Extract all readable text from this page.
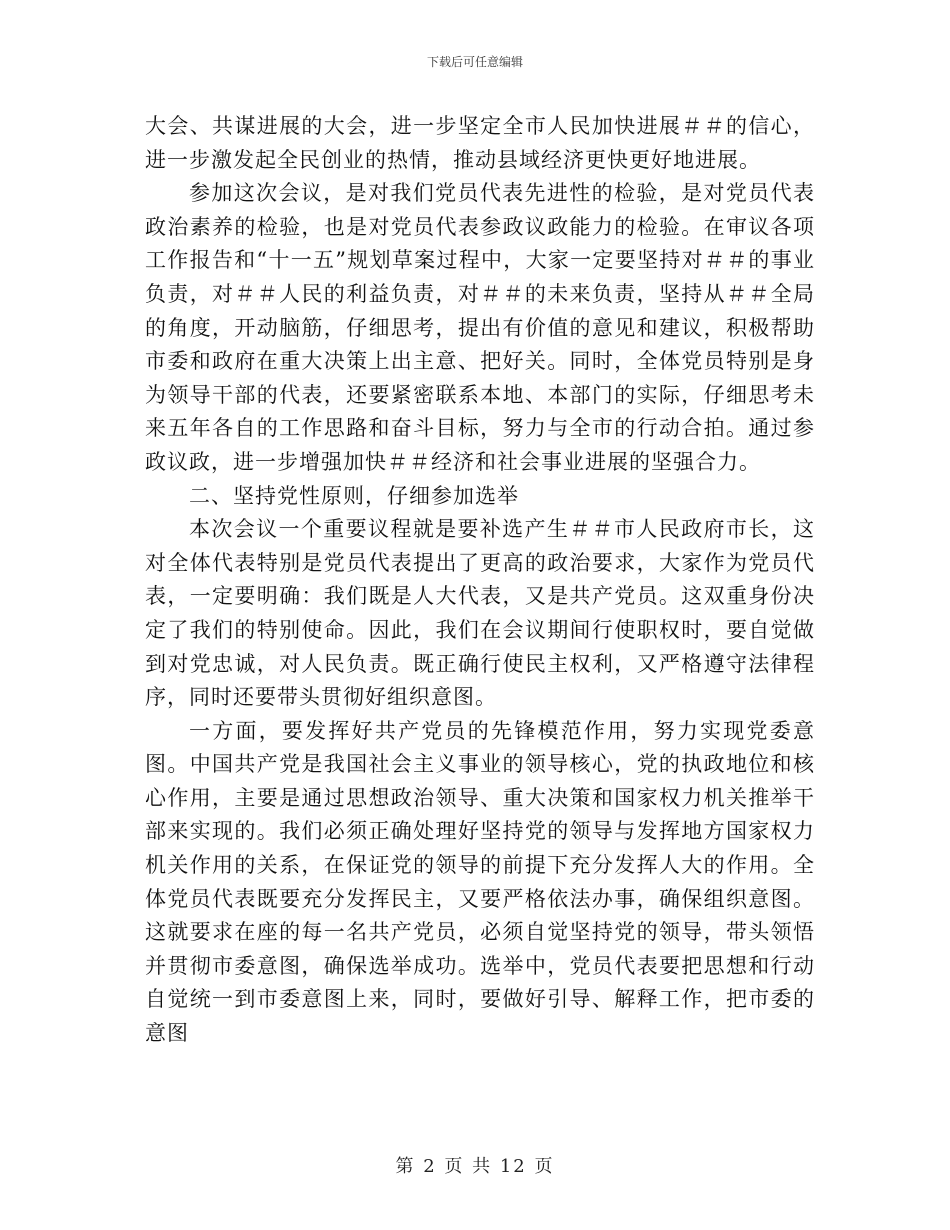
下载后可任意编辑

大会、共谋进展的大会，进一步坚定全市人民加快进展＃＃的信心，进一步激发起全民创业的热情，推动县域经济更快更好地进展。

参加这次会议，是对我们党员代表先进性的检验，是对党员代表政治素养的检验，也是对党员代表参政议政能力的检验。在审议各项工作报告和“十一五”规划草案过程中，大家一定要坚持对＃＃的事业负责，对＃＃人民的利益负责，对＃＃的未来负责，坚持从＃＃全局的角度，开动脑筋，仔细思考，提出有价值的意见和建议，积极帮助市委和政府在重大决策上出主意、把好关。同时，全体党员特别是身为领导干部的代表，还要紧密联系本地、本部门的实际，仔细思考未来五年各自的工作思路和奋斗目标，努力与全市的行动合拍。通过参政议政，进一步增强加快＃＃经济和社会事业进展的坚强合力。

二、坚持党性原则，仔细参加选举

本次会议一个重要议程就是要补选产生＃＃市人民政府市长，这对全体代表特别是党员代表提出了更高的政治要求，大家作为党员代表，一定要明确：我们既是人大代表，又是共产党员。这双重身份决定了我们的特别使命。因此，我们在会议期间行使职权时，要自觉做到对党忠诚，对人民负责。既正确行使民主权利，又严格遵守法律程序，同时还要带头贯彻好组织意图。

一方面，要发挥好共产党员的先锋模范作用，努力实现党委意图。中国共产党是我国社会主义事业的领导核心，党的执政地位和核心作用，主要是通过思想政治领导、重大决策和国家权力机关推举干部来实现的。我们必须正确处理好坚持党的领导与发挥地方国家权力机关作用的关系，在保证党的领导的前提下充分发挥人大的作用。全体党员代表既要充分发挥民主，又要严格依法办事，确保组织意图。这就要求在座的每一名共产党员，必须自觉坚持党的领导，带头领悟并贯彻市委意图，确保选举成功。选举中，党员代表要把思想和行动自觉统一到市委意图上来，同时，要做好引导、解释工作，把市委的意图

第 2 页 共 12 页
